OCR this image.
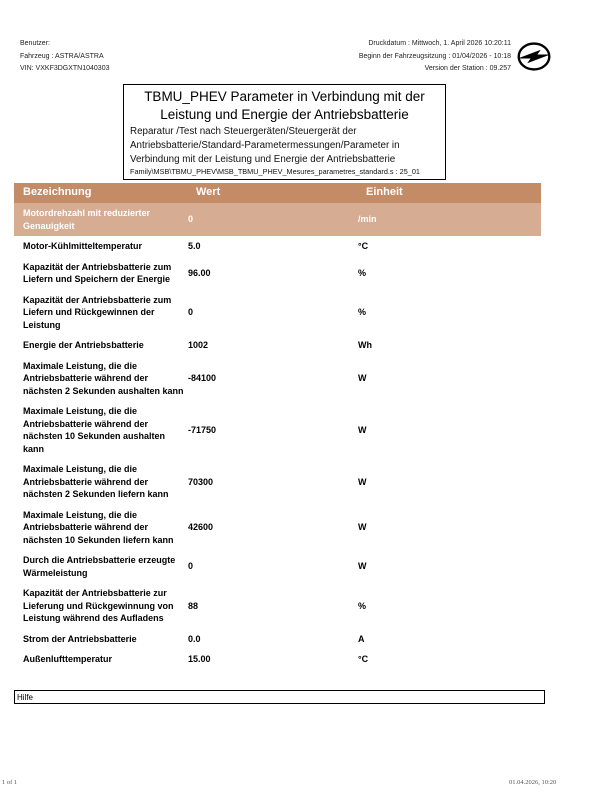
Benutzer:
Fahrzeug : ASTRA/ASTRA
VIN: VXKF3DGXTN1040303
Druckdatum : Mittwoch, 1. April 2026 10:20:11
Beginn der Fahrzeugsitzung : 01/04/2026 - 10:18
Version der Station : 09.257
TBMU_PHEV Parameter in Verbindung mit der Leistung und Energie der Antriebsbatterie
Reparatur /Test nach Steuergeräten/Steuergerät der Antriebsbatterie/Standard-Parametermessungen/Parameter in Verbindung mit der Leistung und Energie der Antriebsbatterie
Family\MSB\TBMU_PHEV\MSB_TBMU_PHEV_Mesures_parametres_standard.s : 25_01
Bezeichnung	Wert	Einheit
Motordrehzahl mit reduzierter Genauigkeit	0	/min
Motor-Kühlmitteltemperatur	5.0	°C
Kapazität der Antriebsbatterie zum Liefern und Speichern der Energie	96.00	%
Kapazität der Antriebsbatterie zum Liefern und Rückgewinnen der Leistung	0	%
Energie der Antriebsbatterie	1002	Wh
Maximale Leistung, die die Antriebsbatterie während der nächsten 2 Sekunden aushalten kann	-84100	W
Maximale Leistung, die die Antriebsbatterie während der nächsten 10 Sekunden aushalten kann	-71750	W
Maximale Leistung, die die Antriebsbatterie während der nächsten 2 Sekunden liefern kann	70300	W
Maximale Leistung, die die Antriebsbatterie während der nächsten 10 Sekunden liefern kann	42600	W
Durch die Antriebsbatterie erzeugte Wärmeleistung	0	W
Kapazität der Antriebsbatterie zur Lieferung und Rückgewinnung von Leistung während des Aufladens	88	%
Strom der Antriebsbatterie	0.0	A
Außenlufttemperatur	15.00	°C
Hilfe
1 of 1	01.04.2026, 10:20
